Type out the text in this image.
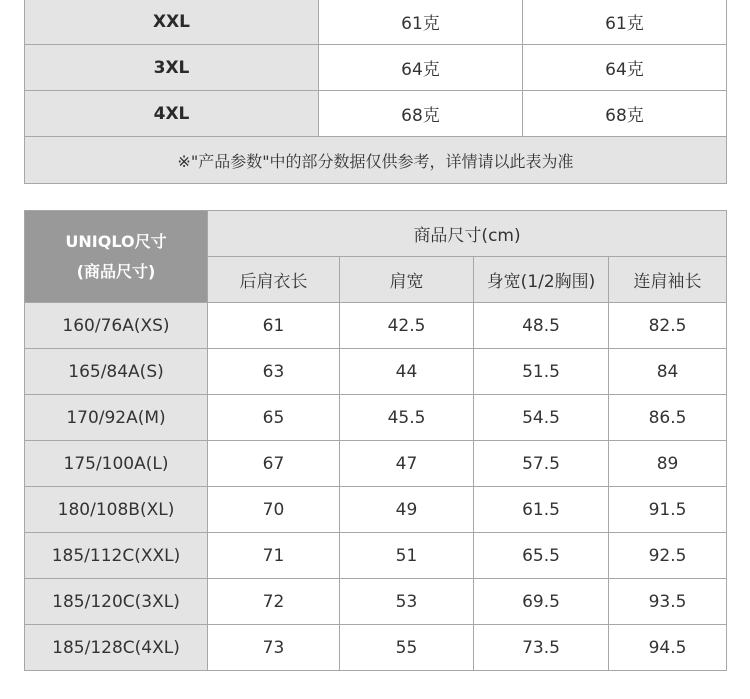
XXL	61克	61克
3XL	64克	64克
4XL	68克	68克
※"产品参数"中的部分数据仅供参考，详情请以此表为准		
UNIQLO尺寸
(商品尺寸)	商品尺寸(cm)			
	后肩衣长	肩宽	身宽(1/2胸围)	连肩袖长
160/76A(XS)	61	42.5	48.5	82.5
165/84A(S)	63	44	51.5	84
170/92A(M)	65	45.5	54.5	86.5
175/100A(L)	67	47	57.5	89
180/108B(XL)	70	49	61.5	91.5
185/112C(XXL)	71	51	65.5	92.5
185/120C(3XL)	72	53	69.5	93.5
185/128C(4XL)	73	55	73.5	94.5
